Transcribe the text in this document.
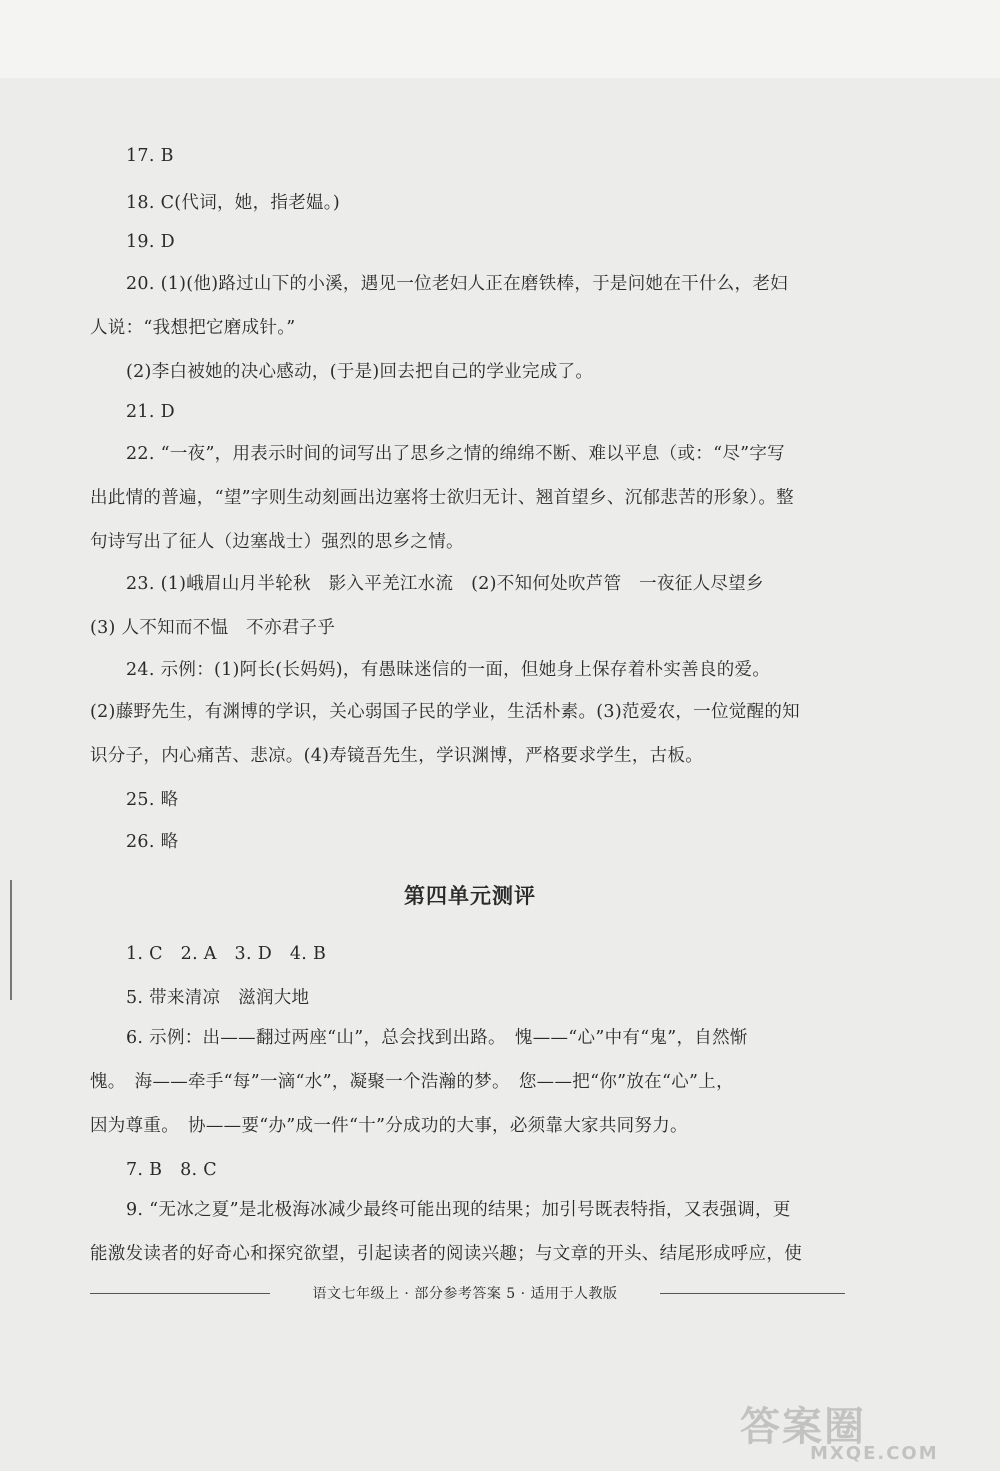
17. B
18. C(代词，她，指老媪。)
19. D
20. (1)(他)路过山下的小溪，遇见一位老妇人正在磨铁棒，于是问她在干什么，老妇
人说：“我想把它磨成针。”
(2)李白被她的决心感动，(于是)回去把自己的学业完成了。
21. D
22. “一夜”，用表示时间的词写出了思乡之情的绵绵不断、难以平息（或：“尽”字写
出此情的普遍，“望”字则生动刻画出边塞将士欲归无计、翘首望乡、沉郁悲苦的形象）。整
句诗写出了征人（边塞战士）强烈的思乡之情。
23. (1)峨眉山月半轮秋　影入平羌江水流　(2)不知何处吹芦管　一夜征人尽望乡
(3) 人不知而不愠　不亦君子乎
24. 示例：(1)阿长(长妈妈)，有愚昧迷信的一面，但她身上保存着朴实善良的爱。
(2)藤野先生，有渊博的学识，关心弱国子民的学业，生活朴素。(3)范爱农，一位觉醒的知
识分子，内心痛苦、悲凉。(4)寿镜吾先生，学识渊博，严格要求学生，古板。
25. 略
26. 略
第四单元测评
1. C　2. A　3. D　4. B
5. 带来清凉　滋润大地
6. 示例：出——翻过两座“山”，总会找到出路。　愧——“心”中有“鬼”，自然惭
愧。　海——牵手“每”一滴“水”，凝聚一个浩瀚的梦。　您——把“你”放在“心”上，
因为尊重。　协——要“办”成一件“十”分成功的大事，必须靠大家共同努力。
7. B　8. C
9. “无冰之夏”是北极海冰减少最终可能出现的结果；加引号既表特指，又表强调，更
能激发读者的好奇心和探究欲望，引起读者的阅读兴趣；与文章的开头、结尾形成呼应，使
语文七年级上 · 部分参考答案 5 · 适用于人教版
答案圈
MXQE.COM
